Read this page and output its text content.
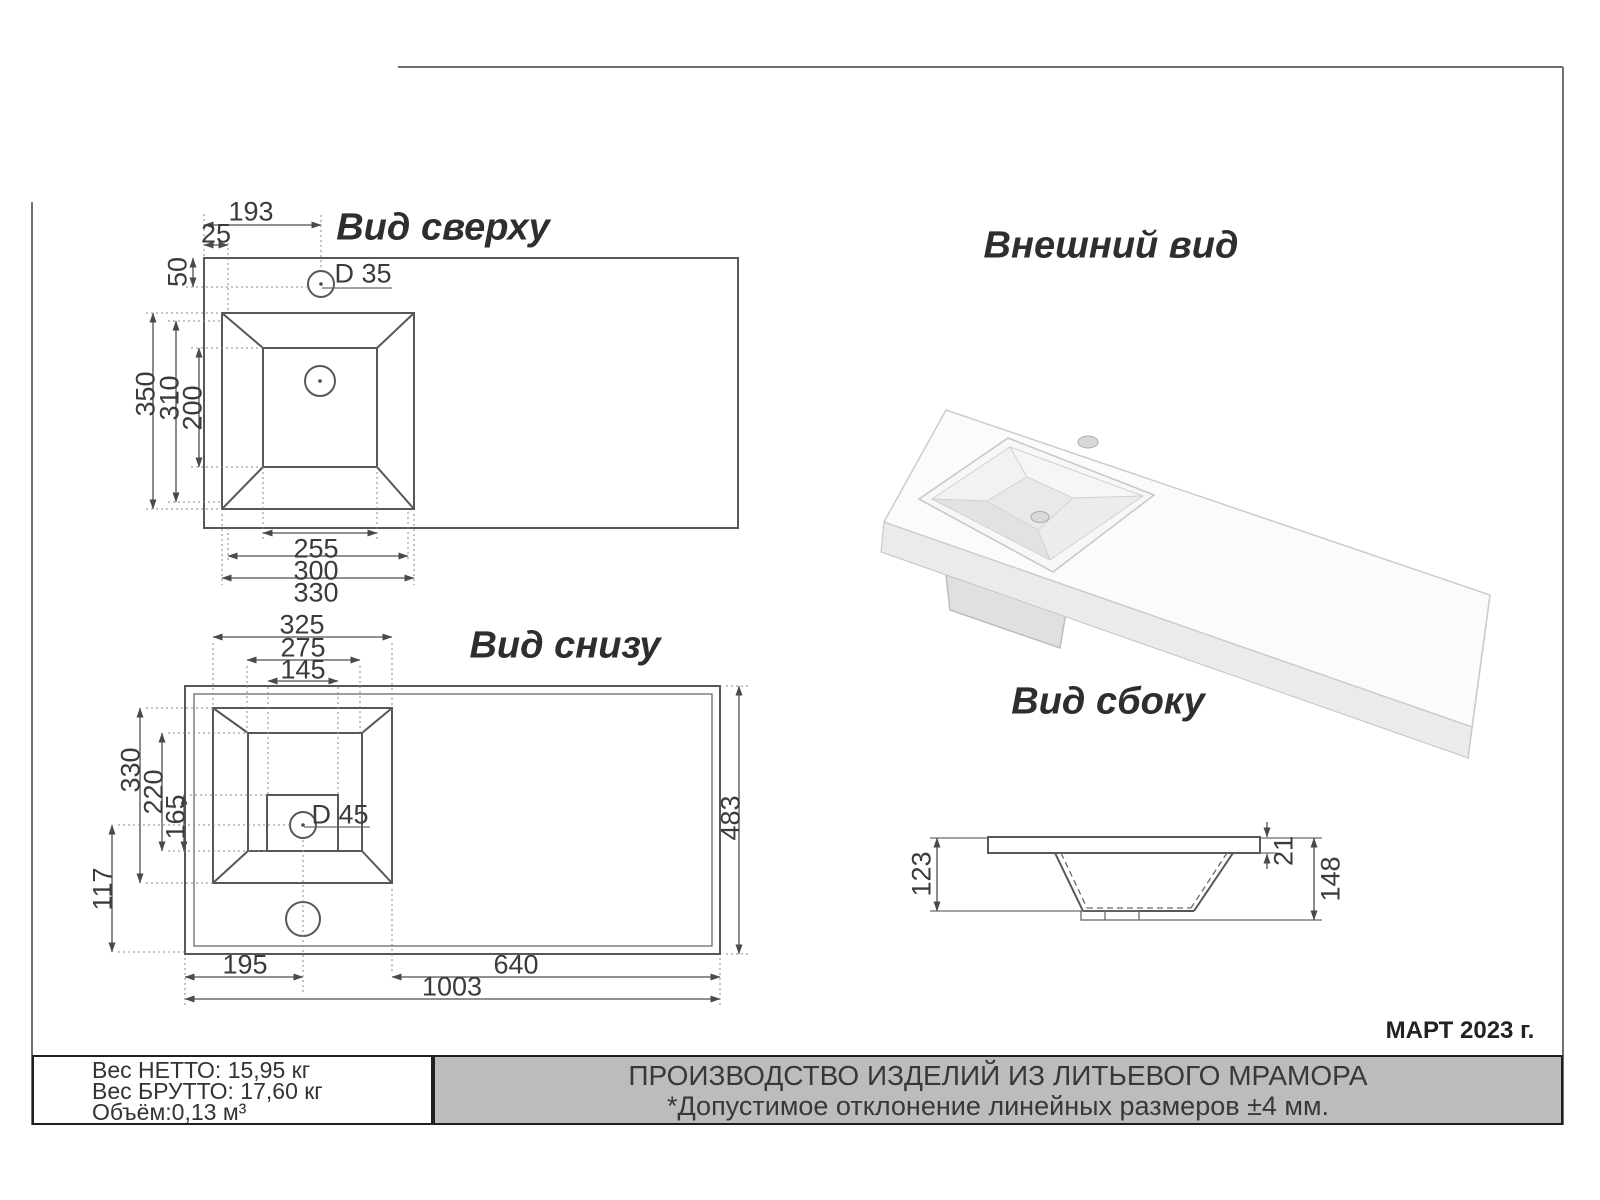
Вид сверху	Внешний вид
Вид снизу
Вид сбоку
193
25
50	D 35
350
310
200
255
300
330
325
275
145
330
220
165
117
D 45
195	640
1003
483
123
21
148
МАРТ 2023 г.
Вес НЕТТО: 15,95 кг
Вес БРУТТО: 17,60 кг
Объём:0,13 м³
ПРОИЗВОДСТВО ИЗДЕЛИЙ ИЗ ЛИТЬЕВОГО МРАМОРА
*Допустимое отклонение линейных размеров ±4 мм.
